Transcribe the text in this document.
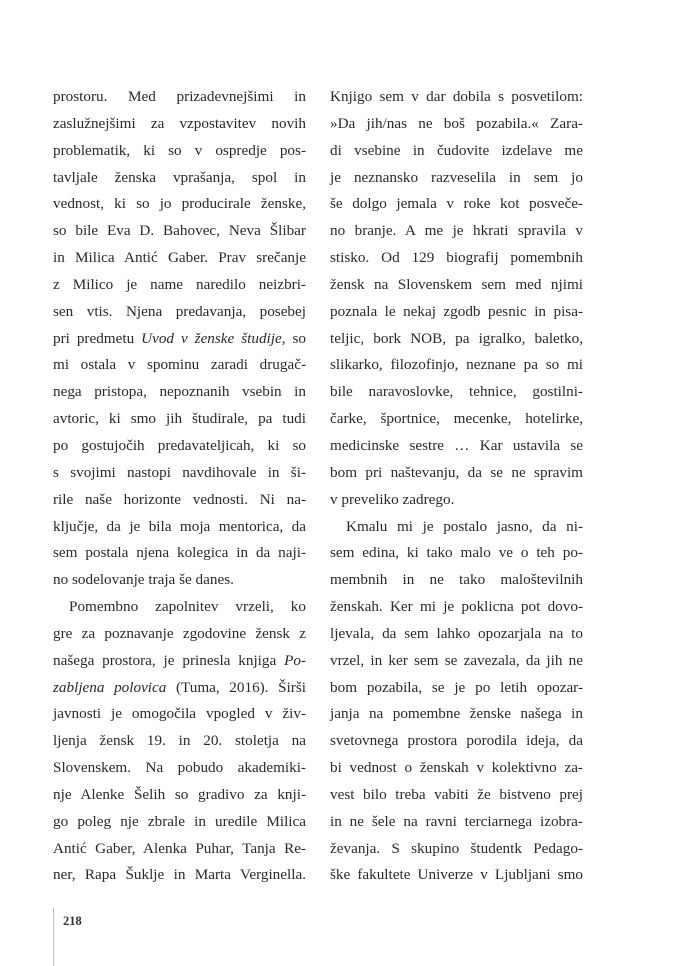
prostoru. Med prizadevnejšimi in
zaslužnejšimi za vzpostavitev novih
problematik, ki so v ospredje pos-
tavljale ženska vprašanja, spol in
vednost, ki so jo producirale ženske,
so bile Eva D. Bahovec, Neva Šlibar
in Milica Antić Gaber. Prav srečanje
z Milico je name naredilo neizbri-
sen vtis. Njena predavanja, posebej
pri predmetu Uvod v ženske študije, so
mi ostala v spominu zaradi drugač-
nega pristopa, nepoznanih vsebin in
avtoric, ki smo jih študirale, pa tudi
po gostujočih predavateljicah, ki so
s svojimi nastopi navdihovale in ši-
rile naše horizonte vednosti. Ni na-
ključje, da je bila moja mentorica, da
sem postala njena kolegica in da naji-
no sodelovanje traja še danes.
Pomembno zapolnitev vrzeli, ko
gre za poznavanje zgodovine žensk z
našega prostora, je prinesla knjiga Po-
zabljena polovica (Tuma, 2016). Širši
javnosti je omogočila vpogled v živ-
ljenja žensk 19. in 20. stoletja na
Slovenskem. Na pobudo akademiki-
nje Alenke Šelih so gradivo za knji-
go poleg nje zbrale in uredile Milica
Antić Gaber, Alenka Puhar, Tanja Re-
ner, Rapa Šuklje in Marta Verginella.
Knjigo sem v dar dobila s posvetilom:
»Da jih/nas ne boš pozabila.« Zara-
di vsebine in čudovite izdelave me
je neznansko razveselila in sem jo
še dolgo jemala v roke kot posveče-
no branje. A me je hkrati spravila v
stisko. Od 129 biografij pomembnih
žensk na Slovenskem sem med njimi
poznala le nekaj zgodb pesnic in pisa-
teljic, bork NOB, pa igralko, baletko,
slikarko, filozofinjo, neznane pa so mi
bile naravoslovke, tehnice, gostilni-
čarke, športnice, mecenke, hotelirke,
medicinske sestre … Kar ustavila se
bom pri naštevanju, da se ne spravim
v preveliko zadrego.
Kmalu mi je postalo jasno, da ni-
sem edina, ki tako malo ve o teh po-
membnih in ne tako maloštevilnih
ženskah. Ker mi je poklicna pot dovo-
ljevala, da sem lahko opozarjala na to
vrzel, in ker sem se zavezala, da jih ne
bom pozabila, se je po letih opozar-
janja na pomembne ženske našega in
svetovnega prostora porodila ideja, da
bi vednost o ženskah v kolektivno za-
vest bilo treba vabiti že bistveno prej
in ne šele na ravni terciarnega izobra-
ževanja. S skupino študentk Pedago-
ške fakultete Univerze v Ljubljani smo
218
